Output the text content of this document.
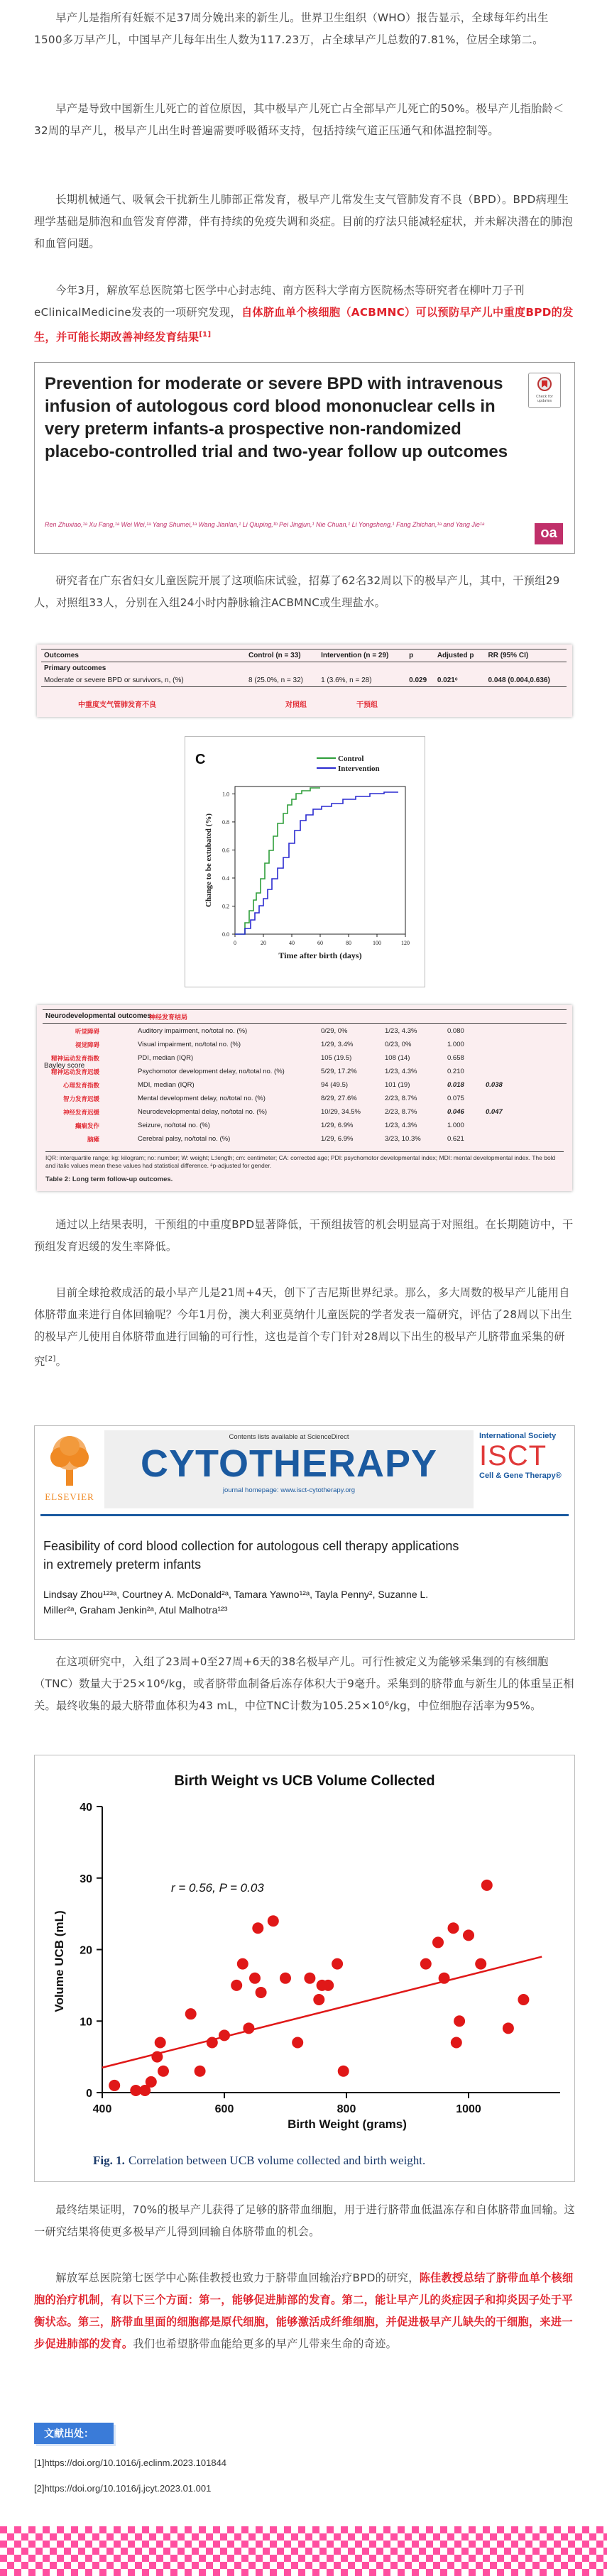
早产儿是指所有妊娠不足37周分娩出来的新生儿。世界卫生组织（WHO）报告显示，全球每年约出生1500多万早产儿，中国早产儿每年出生人数为117.23万，占全球早产儿总数的7.81%，位居全球第二。

早产是导致中国新生儿死亡的首位原因，其中极早产儿死亡占全部早产儿死亡的50%。极早产儿指胎龄＜32周的早产儿，极早产儿出生时普遍需要呼吸循环支持，包括持续气道正压通气和体温控制等。

长期机械通气、吸氧会干扰新生儿肺部正常发育，极早产儿常发生支气管肺发育不良（BPD）。BPD病理生理学基础是肺泡和血管发育停滞，伴有持续的免疫失调和炎症。目前的疗法只能减轻症状，并未解决潜在的肺泡和血管问题。

今年3月，解放军总医院第七医学中心封志纯、南方医科大学南方医院杨杰等研究者在柳叶刀子刊eClinicalMedicine发表的一项研究发现，自体脐血单个核细胞（ACBMNC）可以预防早产儿中重度BPD的发生，并可能长期改善神经发育结果[1]

Prevention for moderate or severe BPD with intravenous infusion of autologous cord blood mononuclear cells in very preterm infants-a prospective non-randomized placebo-controlled trial and two-year follow up outcomes
Ren Zhuxiao,¹ᵃ Xu Fang,¹ᵃ Wei Wei,¹ᵃ Yang Shumei,¹ᵃ Wang Jianlan,¹ Li Qiuping,¹ᵇ Pei Jingjun,¹ Nie Chuan,¹ Li Yongsheng,¹ Fang Zhichan,¹ᵃ and Yang Jie¹ᵃ
Check for updates
oa

研究者在广东省妇女儿童医院开展了这项临床试验，招募了62名32周以下的极早产儿，其中，干预组29人，对照组33人，分别在入组24小时内静脉输注ACBMNC或生理盐水。

Outcomes	Control (n = 33)	Intervention (n = 29)	p	Adjusted p	RR (95% CI)
Primary outcomes					
Moderate or severe BPD or survivors, n, (%)	8 (25.0%, n = 32)	1 (3.6%, n = 28)	0.029	0.021ᶜ	0.048 (0.004,0.636)
中重度支气管肺发育不良	对照组	干预组
C
0	20	40	60	80	100	120
0.0
0.2
0.4
0.6
0.8
1.0
Control
Intervention
Time after birth (days)
Change to be extubated (%)
Neurodevelopmental outcomes
神经发育结局
Bayley score
听觉障碍	Auditory impairment, no/total no. (%)	0/29, 0%	1/23, 4.3%	0.080
视觉障碍	Visual impairment, no/total no. (%)	1/29, 3.4%	0/23, 0%	1.000
精神运动发育指数	PDI, median (IQR)	105 (19.5)	108 (14)	0.658
精神运动发育迟缓	Psychomotor development delay, no/total no. (%)	5/29, 17.2%	1/23, 4.3%	0.210
心理发育指数	MDI, median (IQR)	94 (49.5)	101 (19)	0.018	0.038
智力发育迟缓	Mental development delay, no/total no. (%)	8/29, 27.6%	2/23, 8.7%	0.075
神经发育迟缓	Neurodevelopmental delay, no/total no. (%)	10/29, 34.5%	2/23, 8.7%	0.046	0.047
癫痫发作	Seizure, no/total no. (%)	1/29, 6.9%	1/23, 4.3%	1.000
脑瘫	Cerebral palsy, no/total no. (%)	1/29, 6.9%	3/23, 10.3%	0.621
IQR: interquartile range; kg: kilogram; no: number; W: weight; L:length; cm: centimeter; CA: corrected age; PDI: psychomotor developmental index; MDI: mental developmental index. The bold and italic values mean these values had statistical difference. ᵃp-adjusted for gender.
Table 2: Long term follow-up outcomes.

通过以上结果表明，干预组的中重度BPD显著降低，干预组拔管的机会明显高于对照组。在长期随访中，干预组发育迟缓的发生率降低。

目前全球抢救成活的最小早产儿是21周+4天，创下了吉尼斯世界纪录。那么，多大周数的极早产儿能用自体脐带血来进行自体回输呢？今年1月份，澳大利亚莫纳什儿童医院的学者发表一篇研究，评估了28周以下出生的极早产儿使用自体脐带血进行回输的可行性，这也是首个专门针对28周以下出生的极早产儿脐带血采集的研究[2]。

ELSEVIER
Contents lists available at ScienceDirect
CYTOTHERAPY
journal homepage: www.isct-cytotherapy.org
International Society
ISCT
Cell & Gene Therapy®
Feasibility of cord blood collection for autologous cell therapy applications in extremely preterm infants
Lindsay Zhou¹²³ᵃ, Courtney A. McDonald²ᵃ, Tamara Yawno¹²ᵃ, Tayla Penny², Suzanne L. Miller²ᵃ, Graham Jenkin²ᵃ, Atul Malhotra¹²³

在这项研究中，入组了23周+0至27周+6天的38名极早产儿。可行性被定义为能够采集到的有核细胞（TNC）数量大于25×10⁶/kg，或者脐带血制备后冻存体积大于9毫升。采集到的脐带血与新生儿的体重呈正相关。最终收集的最大脐带血体积为43 mL，中位TNC计数为105.25×10⁶/kg，中位细胞存活率为95%。

Birth Weight vs UCB Volume Collected
Birth Weight (grams)
Volume UCB (mL)
r = 0.56, P = 0.03
400	600	800	1000
0
10
20
30
40
Fig. 1. Correlation between UCB volume collected and birth weight.

最终结果证明，70%的极早产儿获得了足够的脐带血细胞，用于进行脐带血低温冻存和自体脐带血回输。这一研究结果将使更多极早产儿得到回输自体脐带血的机会。

解放军总医院第七医学中心陈佳教授也致力于脐带血回输治疗BPD的研究，陈佳教授总结了脐带血单个核细胞的治疗机制，有以下三个方面：第一，能够促进肺部的发育。第二，能让早产儿的炎症因子和抑炎因子处于平衡状态。第三，脐带血里面的细胞都是原代细胞，能够激活成纤维细胞，并促进极早产儿缺失的干细胞，来进一步促进肺部的发育。我们也希望脐带血能给更多的早产儿带来生命的奇迹。

文献出处：
[1]https://doi.org/10.1016/j.eclinm.2023.101844
[2]https://doi.org/10.1016/j.jcyt.2023.01.001
